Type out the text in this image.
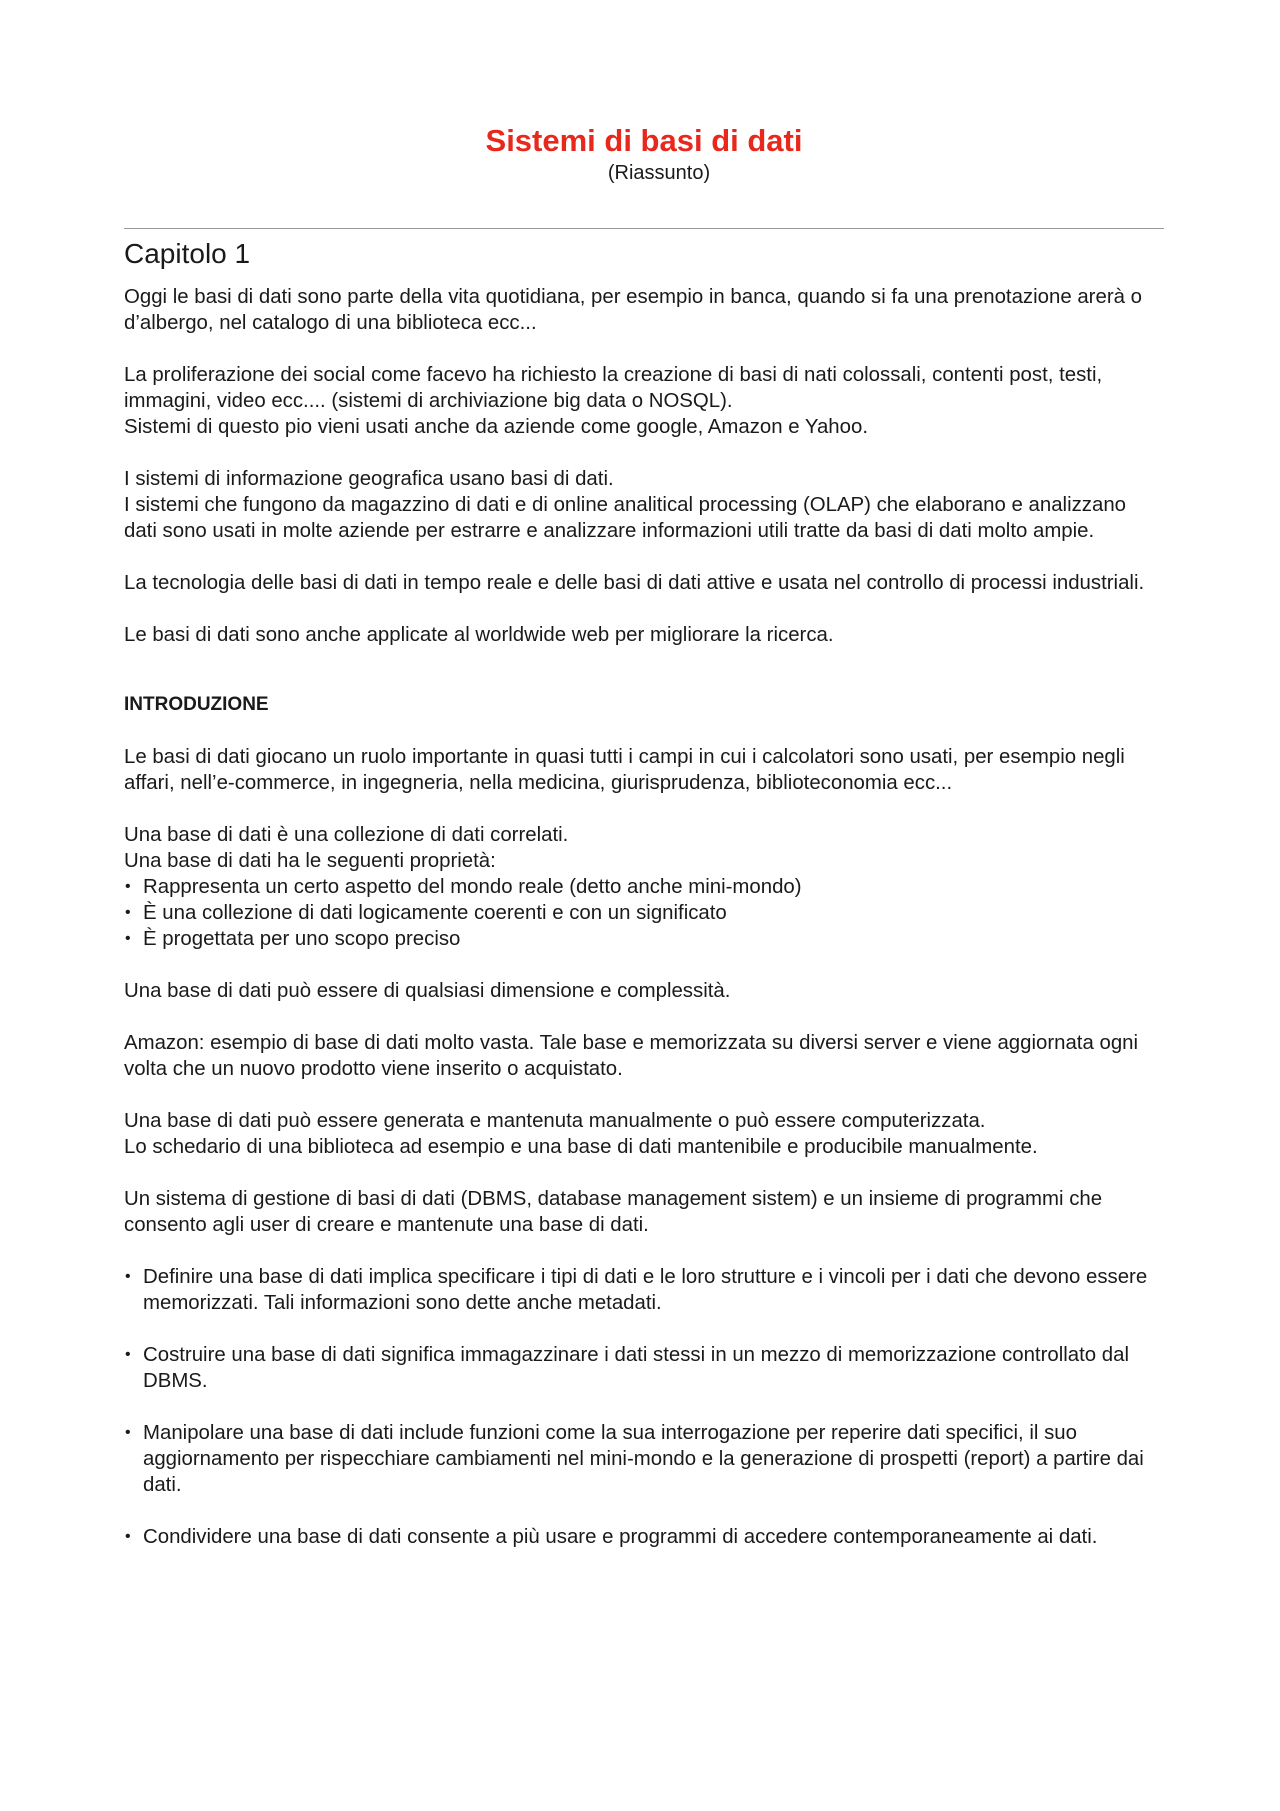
Sistemi di basi di dati
(Riassunto)
Capitolo 1

Oggi le basi di dati sono parte della vita quotidiana, per esempio in banca, quando si fa una prenotazione arerà o d’albergo, nel catalogo di una biblioteca ecc...

La proliferazione dei social come facevo ha richiesto la creazione di basi di nati colossali, contenti post, testi, immagini, video ecc.... (sistemi di archiviazione big data o NOSQL).
Sistemi di questo pio vieni usati anche da aziende come google, Amazon e Yahoo.

I sistemi di informazione geografica usano basi di dati.
I sistemi che fungono da magazzino di dati e di online analitical processing (OLAP) che elaborano e analizzano dati sono usati in molte aziende per estrarre e analizzare informazioni utili tratte da basi di dati molto ampie.

La tecnologia delle basi di dati in tempo reale e delle basi di dati attive e usata nel controllo di processi industriali.

Le basi di dati sono anche applicate al worldwide web per migliorare la ricerca.

INTRODUZIONE

Le basi di dati giocano un ruolo importante in quasi tutti i campi in cui i calcolatori sono usati, per esempio negli affari, nell’e-commerce, in ingegneria, nella medicina, giurisprudenza, biblioteconomia ecc...

Una base di dati è una collezione di dati correlati.
Una base di dati ha le seguenti proprietà:

• Rappresenta un certo aspetto del mondo reale (detto anche mini-mondo)
• È una collezione di dati logicamente coerenti e con un significato
• È progettata per uno scopo preciso

Una base di dati può essere di qualsiasi dimensione e complessità.

Amazon: esempio di base di dati molto vasta. Tale base e memorizzata su diversi server e viene aggiornata ogni volta che un nuovo prodotto viene inserito o acquistato.

Una base di dati può essere generata e mantenuta manualmente o può essere computerizzata.
Lo schedario di una biblioteca ad esempio e una base di dati mantenibile e producibile manualmente.

Un sistema di gestione di basi di dati (DBMS, database management sistem) e un insieme di programmi che consento agli user di creare e mantenute una base di dati.

• Definire una base di dati implica specificare i tipi di dati e le loro strutture e i vincoli per i dati che devono essere memorizzati. Tali informazioni sono dette anche metadati.
• Costruire una base di dati significa immagazzinare i dati stessi in un mezzo di memorizzazione controllato dal DBMS.
• Manipolare una base di dati include funzioni come la sua interrogazione per reperire dati specifici, il suo aggiornamento per rispecchiare cambiamenti nel mini-mondo e la generazione di prospetti (report) a partire dai dati.
• Condividere una base di dati consente a più usare e programmi di accedere contemporaneamente ai dati.
